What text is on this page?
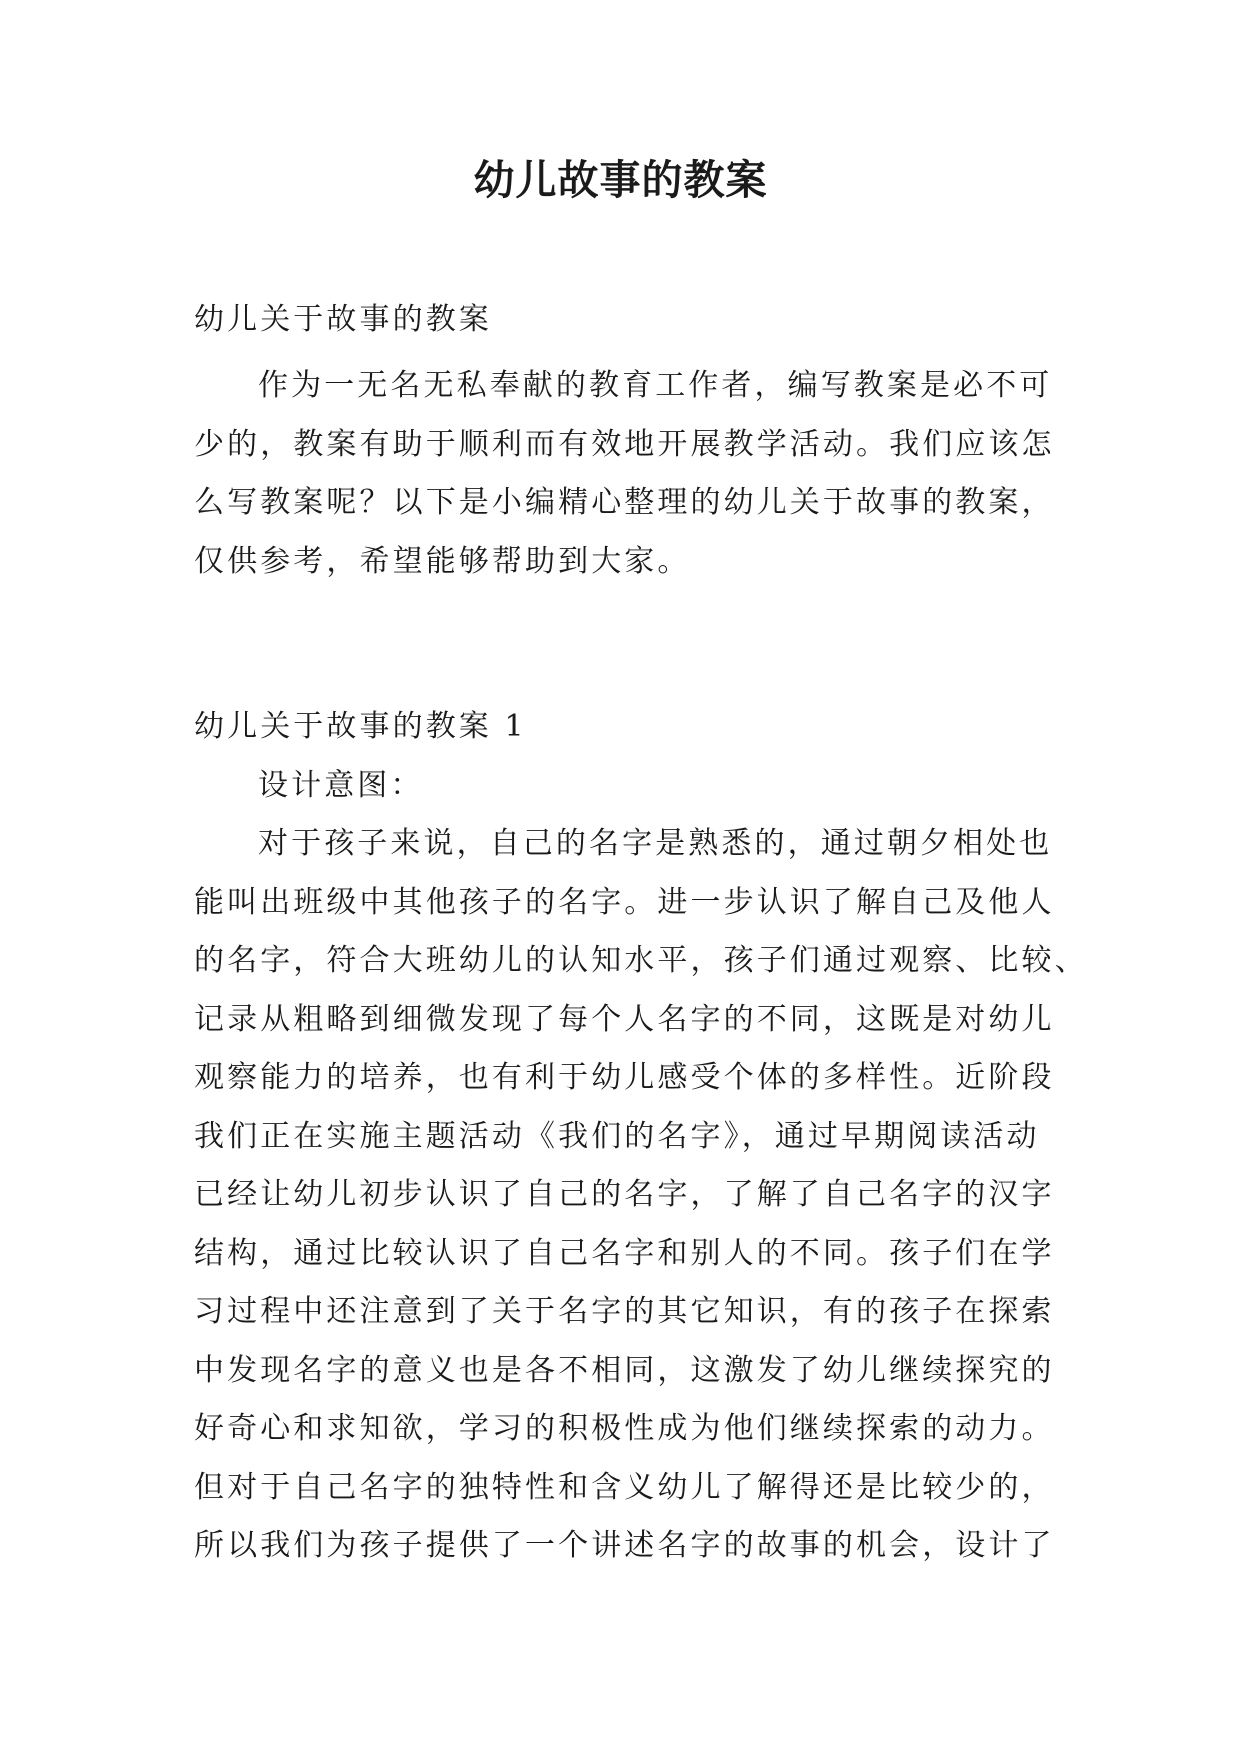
幼儿故事的教案

幼儿关于故事的教案

作为一无名无私奉献的教育工作者，编写教案是必不可
少的，教案有助于顺利而有效地开展教学活动。我们应该怎
么写教案呢？以下是小编精心整理的幼儿关于故事的教案，
仅供参考，希望能够帮助到大家。
幼儿关于故事的教案 1
设计意图：
对于孩子来说，自己的名字是熟悉的，通过朝夕相处也
能叫出班级中其他孩子的名字。进一步认识了解自己及他人
的名字，符合大班幼儿的认知水平，孩子们通过观察、比较、
记录从粗略到细微发现了每个人名字的不同，这既是对幼儿
观察能力的培养，也有利于幼儿感受个体的多样性。近阶段
我们正在实施主题活动《我们的名字》，通过早期阅读活动
已经让幼儿初步认识了自己的名字，了解了自己名字的汉字
结构，通过比较认识了自己名字和别人的不同。孩子们在学
习过程中还注意到了关于名字的其它知识，有的孩子在探索
中发现名字的意义也是各不相同，这激发了幼儿继续探究的
好奇心和求知欲，学习的积极性成为他们继续探索的动力。
但对于自己名字的独特性和含义幼儿了解得还是比较少的，
所以我们为孩子提供了一个讲述名字的故事的机会，设计了
